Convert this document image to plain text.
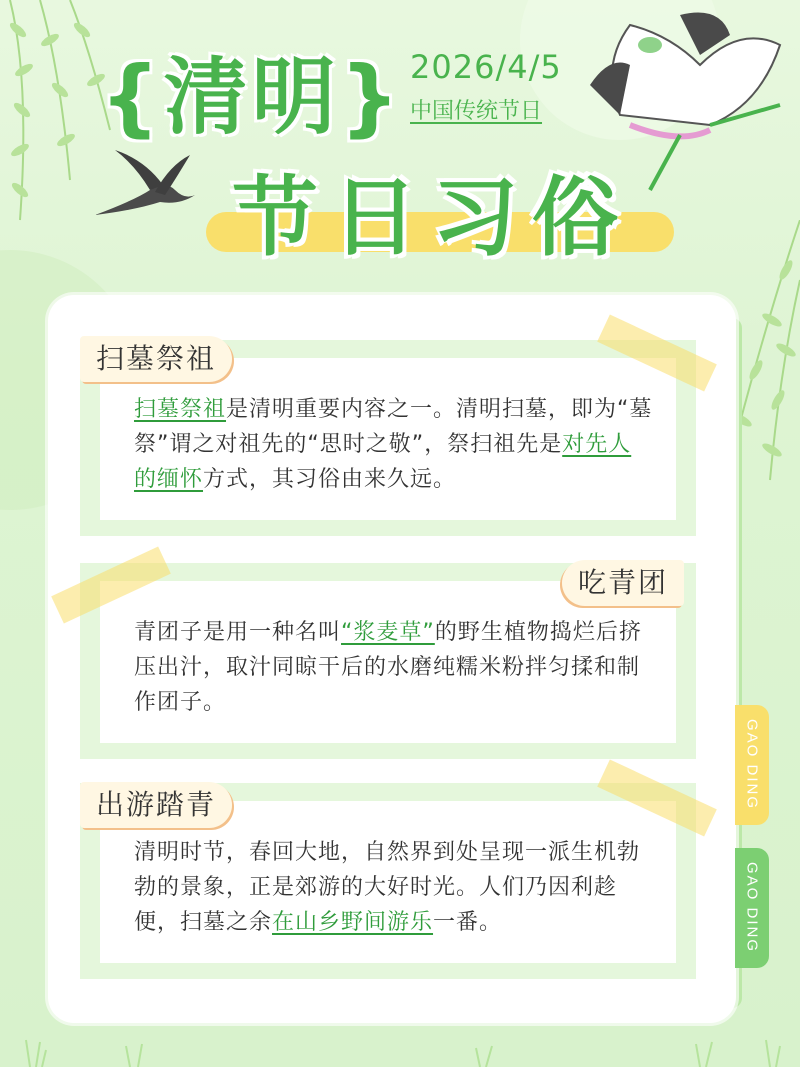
{清明} 2026/4/5
中国传统节日
节日习俗
GAO DING
GAO DING
扫墓祭祖是清明重要内容之一。清明扫墓，即为“墓祭”谓之对祖先的“思时之敬”，祭扫祖先是对先人的缅怀方式，其习俗由来久远。
扫墓祭祖
青团子是用一种名叫“浆麦草”的野生植物捣烂后挤压出汁，取汁同晾干后的水磨纯糯米粉拌匀揉和制作团子。
吃青团
清明时节，春回大地，自然界到处呈现一派生机勃勃的景象，正是郊游的大好时光。人们乃因利趁便，扫墓之余在山乡野间游乐一番。
出游踏青
